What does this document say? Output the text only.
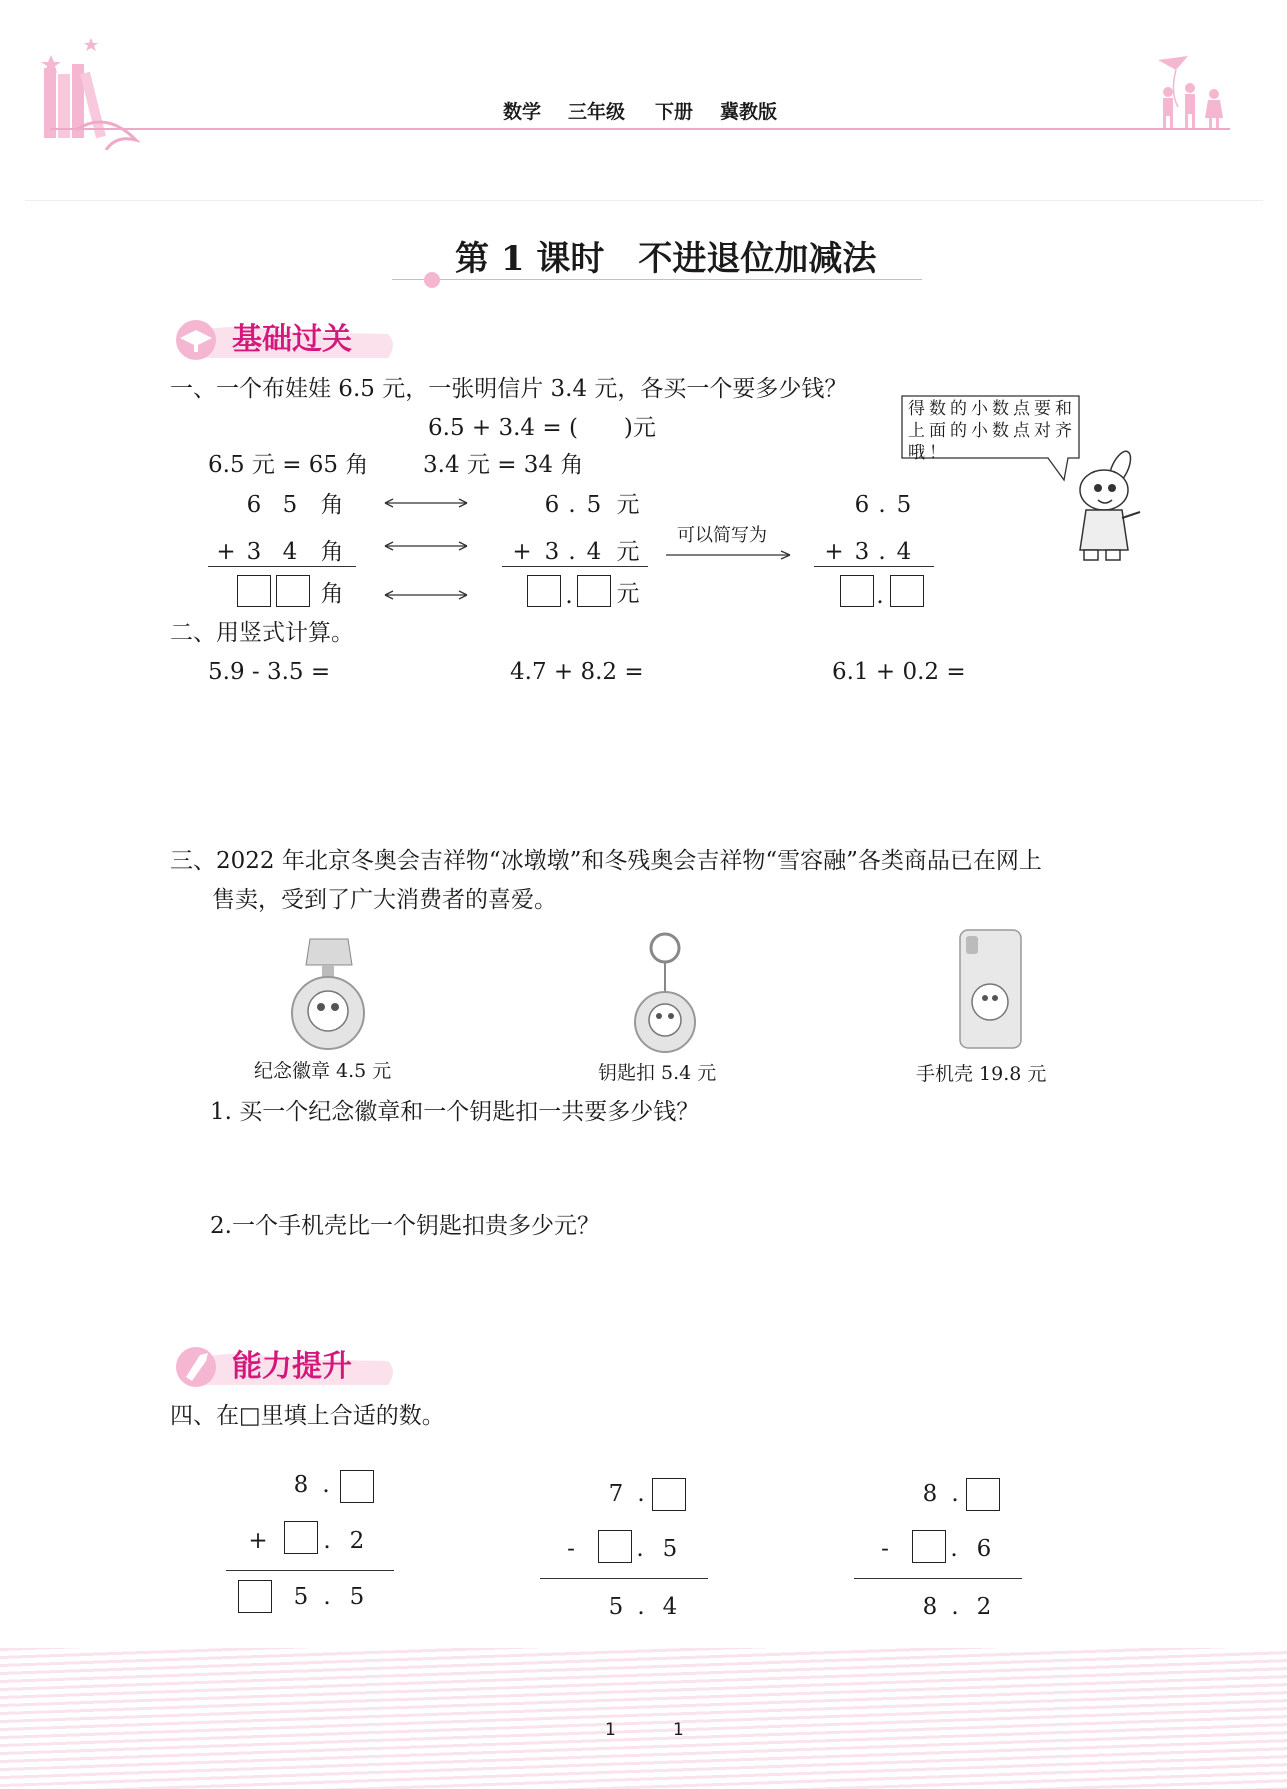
数学 三年级 下册 冀教版
第 1 课时　不进退位加减法
基础过关
一、一个布娃娃 6.5 元，一张明信片 3.4 元，各买一个要多少钱？
6.5 + 3.4 = (　　)元
6.5 元 = 65 角 3.4 元 = 34 角
6 5 角
+ 3 4 角
角
6 . 5 元
+ 3 . 4 元
.	元
可以简写为
6 . 5
+ 3 . 4
.
得数的小数点要和上面的小数点对齐哦！
二、用竖式计算。
5.9 - 3.5 =	4.7 + 8.2 =	6.1 + 0.2 =
三、2022 年北京冬奥会吉祥物“冰墩墩”和冬残奥会吉祥物“雪容融”各类商品已在网上
售卖，受到了广大消费者的喜爱。
纪念徽章 4.5 元	钥匙扣 5.4 元	手机壳 19.8 元
1. 买一个纪念徽章和一个钥匙扣一共要多少钱？
2.一个手机壳比一个钥匙扣贵多少元？
能力提升
四、在□里填上合适的数。
8 .
+	. 2
5 . 5
7 .
-	. 5
5 . 4
8 .
-	. 6
8 . 2
1	1
